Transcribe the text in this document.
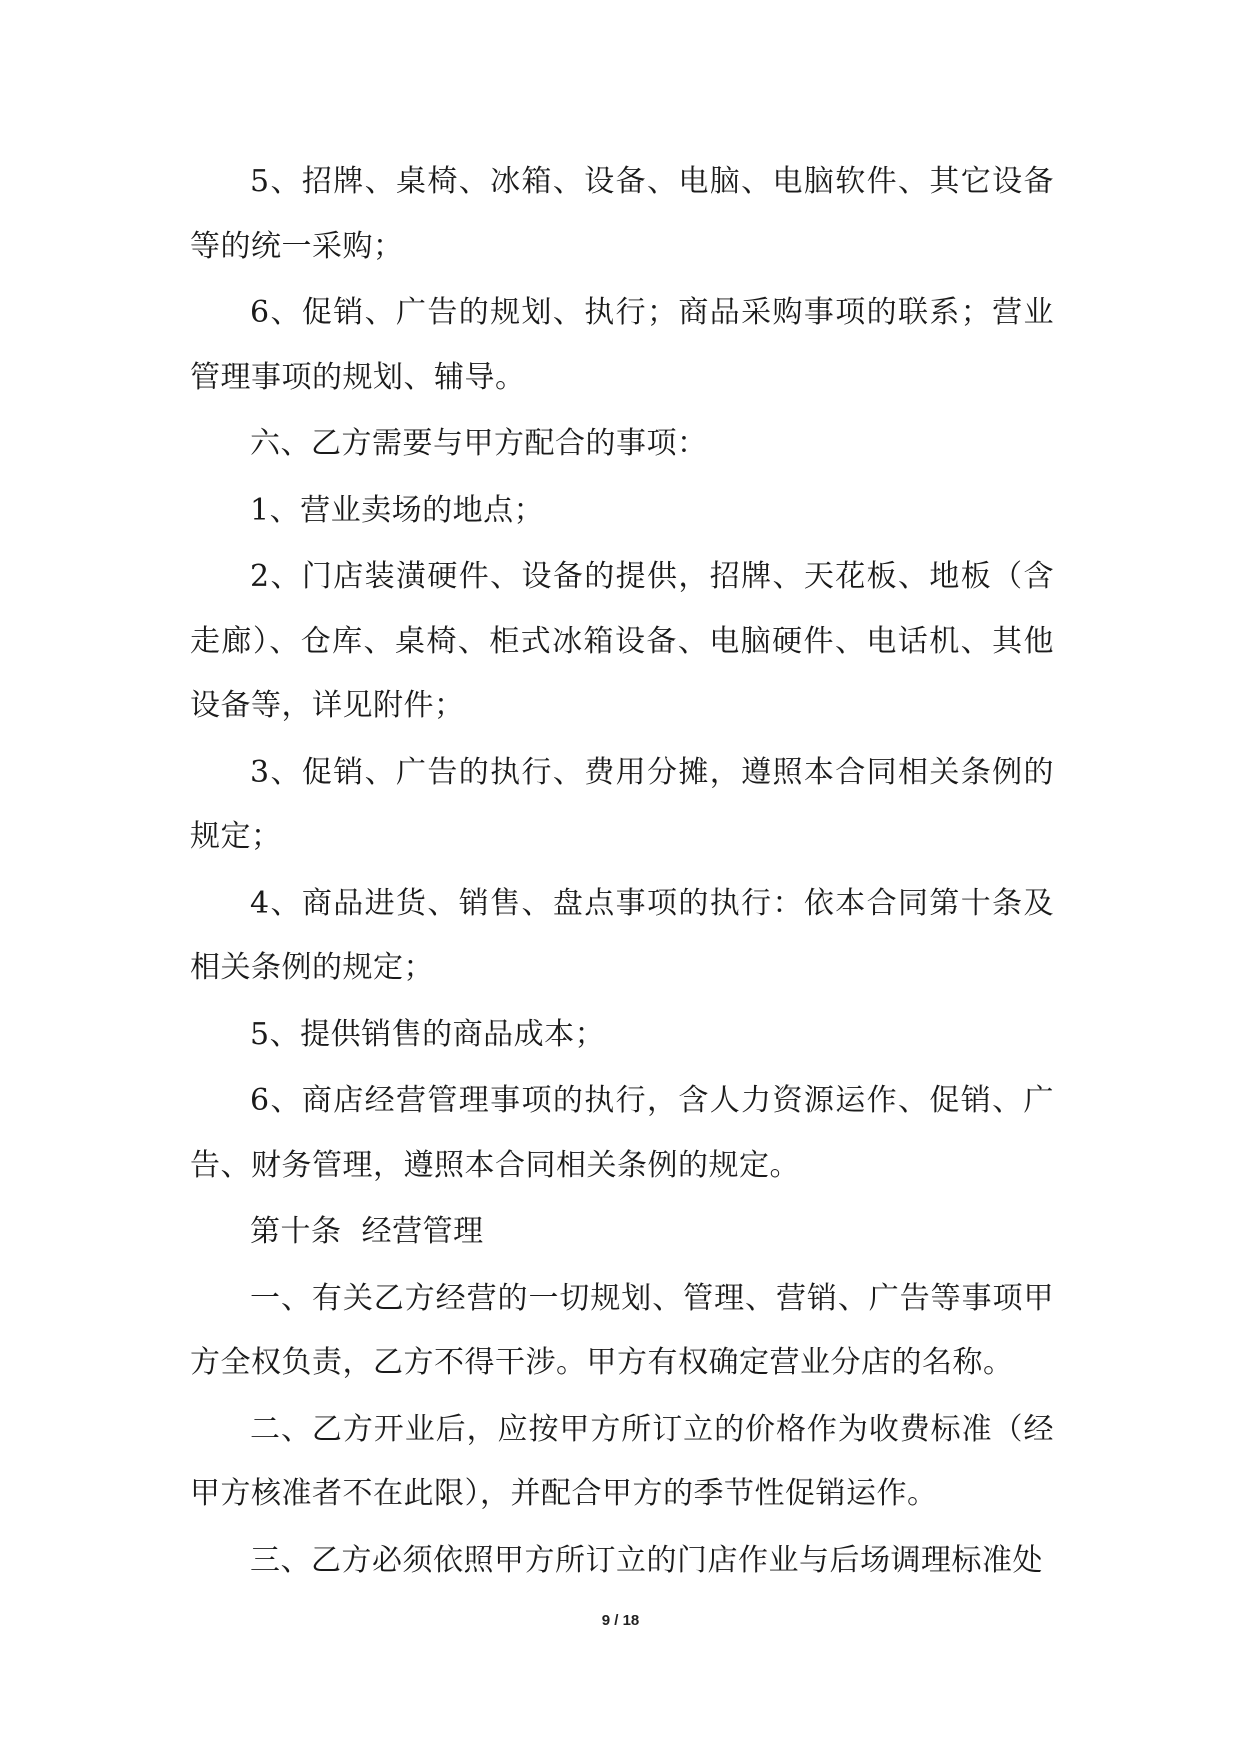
5、招牌、桌椅、冰箱、设备、电脑、电脑软件、其它设备等的统一采购；

6、促销、广告的规划、执行；商品采购事项的联系；营业管理事项的规划、辅导。

六、乙方需要与甲方配合的事项：

1、营业卖场的地点；

2、门店装潢硬件、设备的提供，招牌、天花板、地板（含走廊）、仓库、桌椅、柜式冰箱设备、电脑硬件、电话机、其他设备等，详见附件；

3、促销、广告的执行、费用分摊，遵照本合同相关条例的规定；

4、商品进货、销售、盘点事项的执行：依本合同第十条及相关条例的规定；

5、提供销售的商品成本；

6、商店经营管理事项的执行，含人力资源运作、促销、广告、财务管理，遵照本合同相关条例的规定。

第十条  经营管理

一、有关乙方经营的一切规划、管理、营销、广告等事项甲方全权负责，乙方不得干涉。甲方有权确定营业分店的名称。

二、乙方开业后，应按甲方所订立的价格作为收费标准（经甲方核准者不在此限），并配合甲方的季节性促销运作。

三、乙方必须依照甲方所订立的门店作业与后场调理标准处

9 / 18
